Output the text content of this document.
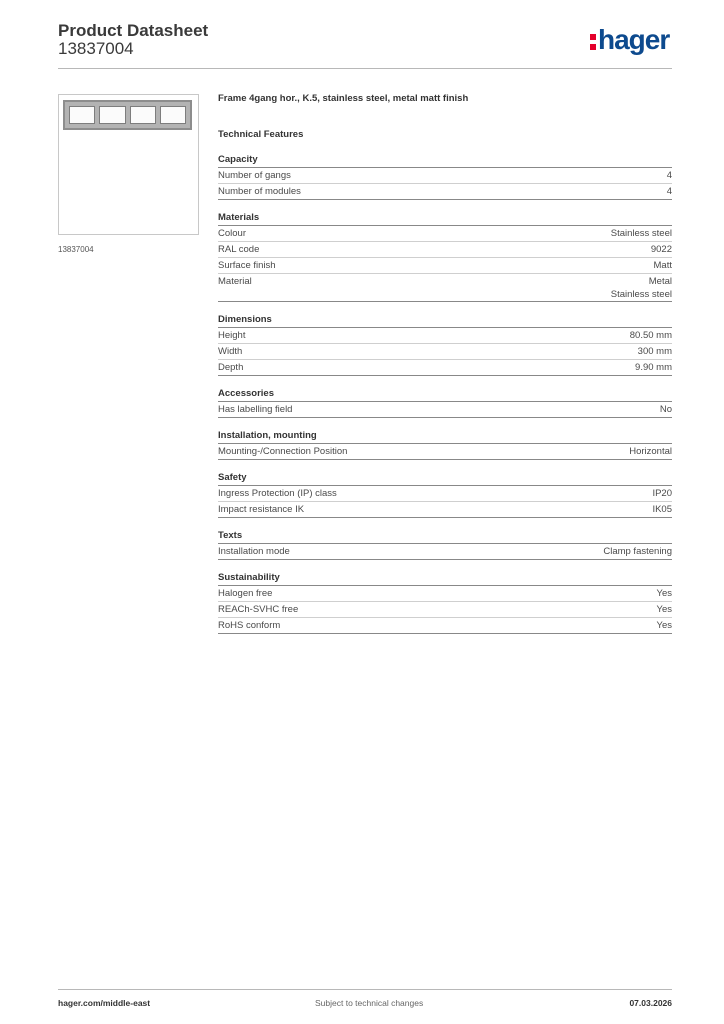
Product Datasheet
13837004	hager
13837004
Frame 4gang hor., K.5, stainless steel, metal matt finish
Technical Features
Capacity
Number of gangs	4
Number of modules	4
Materials
Colour	Stainless steel
RAL code	9022
Surface finish	Matt
Material	Metal
Stainless steel
Dimensions
Height	80.50 mm
Width	300 mm
Depth	9.90 mm
Accessories
Has labelling field	No
Installation, mounting
Mounting-/Connection Position	Horizontal
Safety
Ingress Protection (IP) class	IP20
Impact resistance IK	IK05
Texts
Installation mode	Clamp fastening
Sustainability
Halogen free	Yes
REACh-SVHC free	Yes
RoHS conform	Yes
hager.com/middle-east	Subject to technical changes	07.03.2026
